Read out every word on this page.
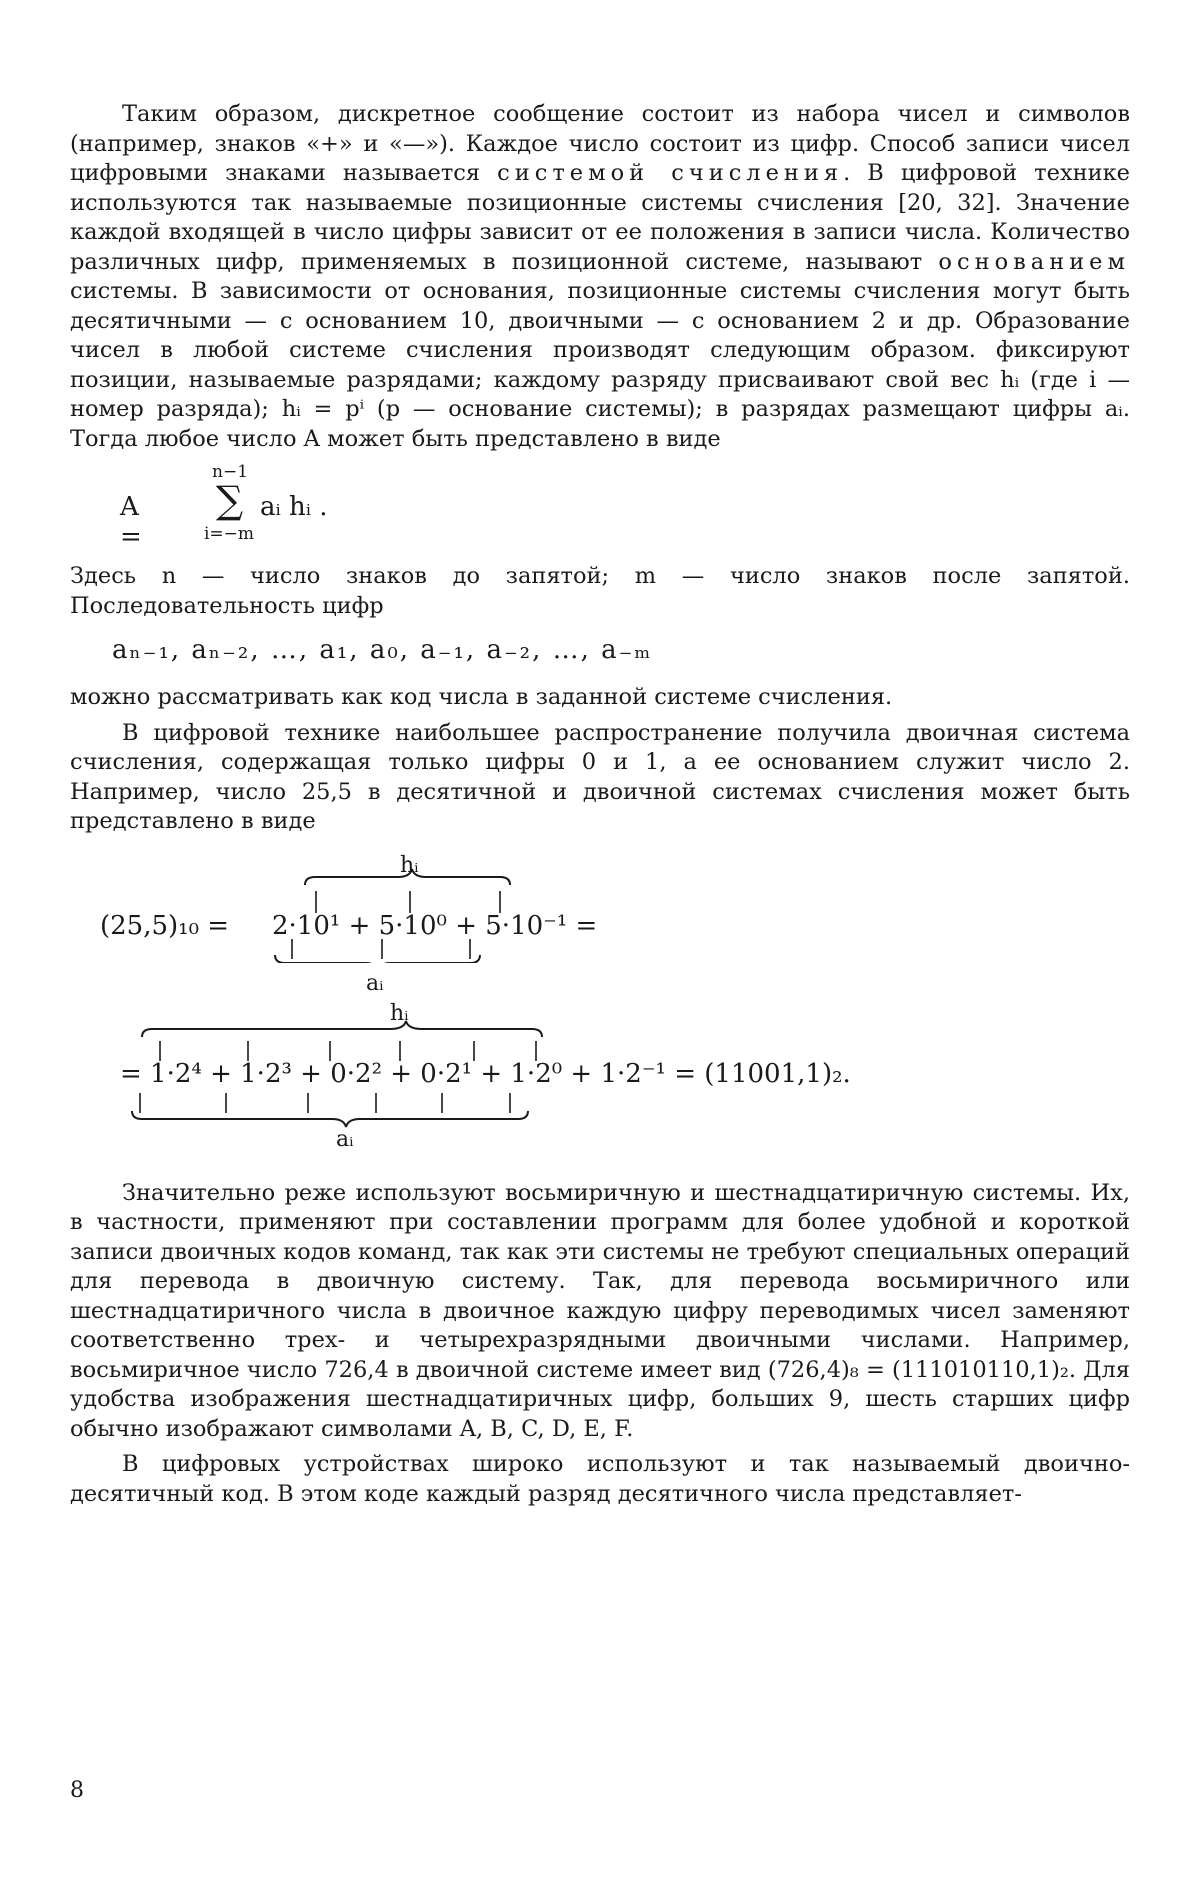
Таким образом, дискретное сообщение состоит из набора чисел и символов (например, знаков «+» и «—»). Каждое число состоит из цифр. Способ записи чисел цифровыми знаками называется системой счисления. В цифровой технике используются так называемые позиционные системы счисления [20, 32]. Значение каждой входящей в число цифры зависит от ее положения в записи числа. Количество различных цифр, применяемых в позиционной системе, называют основанием системы. В зависимости от основания, позиционные системы счисления могут быть десятичными — с основанием 10, двоичными — с основанием 2 и др. Образование чисел в любой системе счисления производят следующим образом. фиксируют позиции, называемые разрядами; каждому разряду присваивают свой вес hᵢ (где i — номер разряда); hᵢ = pⁱ (p — основание системы); в разрядах размещают цифры aᵢ. Тогда любое число A может быть представлено в виде

A =
n−1
∑
i=−m
aᵢ hᵢ .

Здесь n — число знаков до запятой; m — число знаков после запятой. Последовательность цифр

aₙ₋₁, aₙ₋₂, …, a₁, a₀, a₋₁, a₋₂, …, a₋ₘ

можно рассматривать как код числа в заданной системе счисления.

В цифровой технике наибольшее распространение получила двоичная система счисления, содержащая только цифры 0 и 1, а ее основанием служит число 2. Например, число 25,5 в десятичной и двоичной системах счисления может быть представлено в виде

hᵢ
(25,5)₁₀ = 2·10¹ + 5·10⁰ + 5·10⁻¹ =
aᵢ
hᵢ
= 1·2⁴ + 1·2³ + 0·2² + 0·2¹ + 1·2⁰ + 1·2⁻¹ = (11001,1)₂.
aᵢ

Значительно реже используют восьмиричную и шестнадцатиричную системы. Их, в частности, применяют при составлении программ для более удобной и короткой записи двоичных кодов команд, так как эти системы не требуют специальных операций для перевода в двоичную систему. Так, для перевода восьмиричного или шестнадцатиричного числа в двоичное каждую цифру переводимых чисел заменяют соответственно трех- и четырехразрядными двоичными числами. Например, восьмиричное число 726,4 в двоичной системе имеет вид (726,4)₈ = (111010110,1)₂. Для удобства изображения шестнадцатиричных цифр, больших 9, шесть старших цифр обычно изображают символами A, B, C, D, E, F.

В цифровых устройствах широко используют и так называемый двоично-десятичный код. В этом коде каждый разряд десятичного числа представляет-

8
